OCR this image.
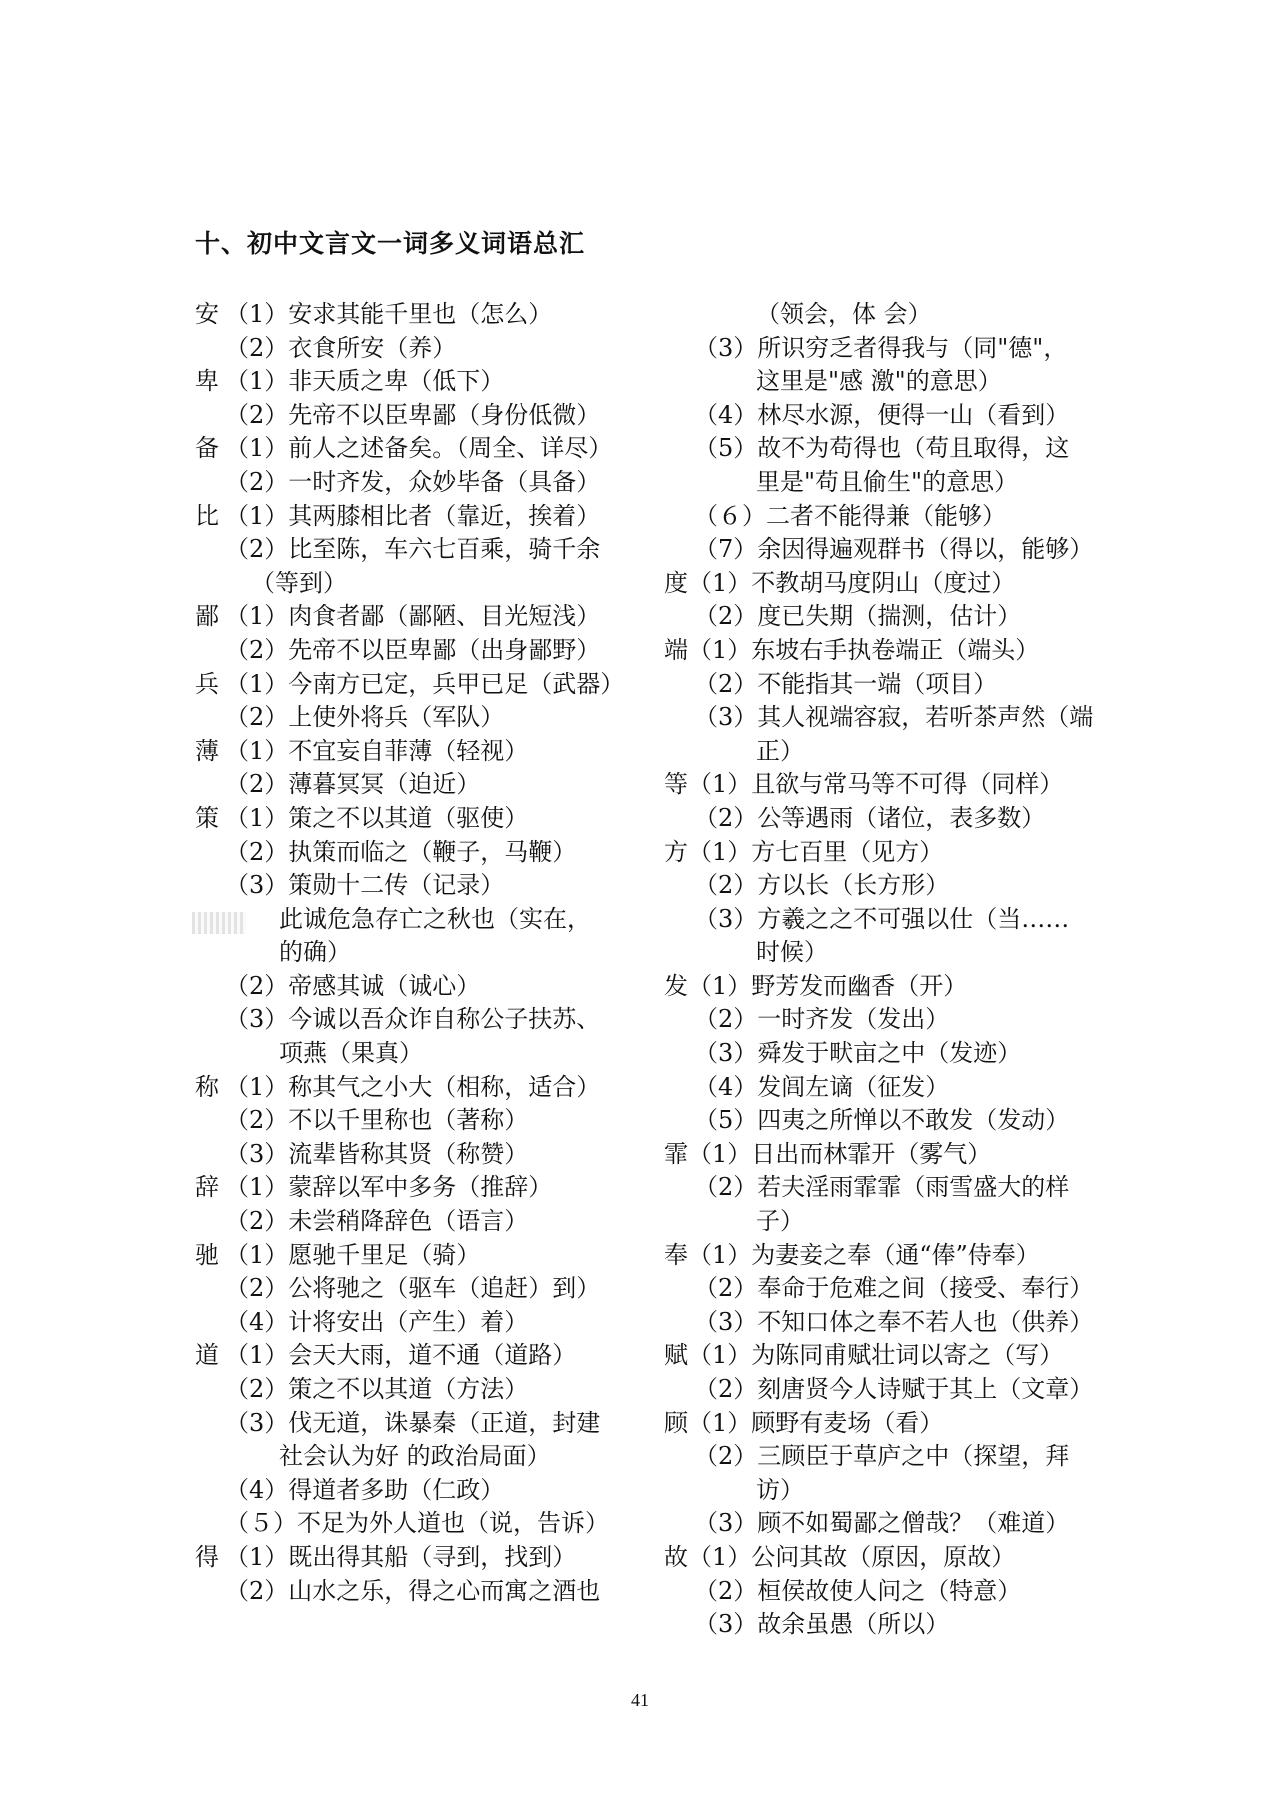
十、初中文言文一词多义词语总汇
安 （1）安求其能千里也（怎么）
（2）衣食所安（养）
卑 （1）非天质之卑（低下）
（2）先帝不以臣卑鄙（身份低微）
备 （1）前人之述备矣。（周全、详尽）
（2）一时齐发，众妙毕备（具备）
比 （1）其两膝相比者（靠近，挨着）
（2）比至陈，车六七百乘，骑千余
（等到）
鄙 （1）肉食者鄙（鄙陋、目光短浅）
（2）先帝不以臣卑鄙（出身鄙野）
兵 （1）今南方已定，兵甲已足（武器）
（2）上使外将兵（军队）
薄 （1）不宜妄自菲薄（轻视）
（2）薄暮冥冥（迫近）
策 （1）策之不以其道（驱使）
（2）执策而临之（鞭子，马鞭）
（3）策勋十二传（记录）
此诚危急存亡之秋也（实在，
的确）
（2）帝感其诚（诚心）
（3）今诚以吾众诈自称公子扶苏、
项燕（果真）
称 （1）称其气之小大（相称，适合）
（2）不以千里称也（著称）
（3）流辈皆称其贤（称赞）
辞 （1）蒙辞以军中多务（推辞）
（2）未尝稍降辞色（语言）
驰 （1）愿驰千里足（骑）
（2）公将驰之（驱车（追赶）到）
（4）计将安出（产生）着）
道 （1）会天大雨，道不通（道路）
（2）策之不以其道（方法）
（3）伐无道，诛暴秦（正道，封建
社会认为好 的政治局面）
（4）得道者多助（仁政）
（５）不足为外人道也（说，告诉）
得 （1）既出得其船（寻到，找到）
（2）山水之乐，得之心而寓之酒也
（领会，体 会）
（3）所识穷乏者得我与（同"德"，
这里是"感 激"的意思）
（4）林尽水源，便得一山（看到）
（5）故不为苟得也（苟且取得，这
里是"苟且偷生"的意思）
（６）二者不能得兼（能够）
（7）余因得遍观群书（得以，能够）
度（1）不教胡马度阴山（度过）
（2）度已失期（揣测，估计）
端（1）东坡右手执卷端正（端头）
（2）不能指其一端（项目）
（3）其人视端容寂，若听茶声然（端
正）
等（1）且欲与常马等不可得（同样）
（2）公等遇雨（诸位，表多数）
方（1）方七百里（见方）
（2）方以长（长方形）
（3）方羲之之不可强以仕（当……
时候）
发（1）野芳发而幽香（开）
（2）一时齐发（发出）
（3）舜发于畎亩之中（发迹）
（4）发闾左谪（征发）
（5）四夷之所惮以不敢发（发动）
霏（1）日出而林霏开（雾气）
（2）若夫淫雨霏霏（雨雪盛大的样
子）
奉（1）为妻妾之奉（通“俸”侍奉）
（2）奉命于危难之间（接受、奉行）
（3）不知口体之奉不若人也（供养）
赋（1）为陈同甫赋壮词以寄之（写）
（2）刻唐贤今人诗赋于其上（文章）
顾（1）顾野有麦场（看）
（2）三顾臣于草庐之中（探望，拜
访）
（3）顾不如蜀鄙之僧哉？（难道）
故（1）公问其故（原因，原故）
（2）桓侯故使人问之（特意）
（3）故余虽愚（所以）
41
